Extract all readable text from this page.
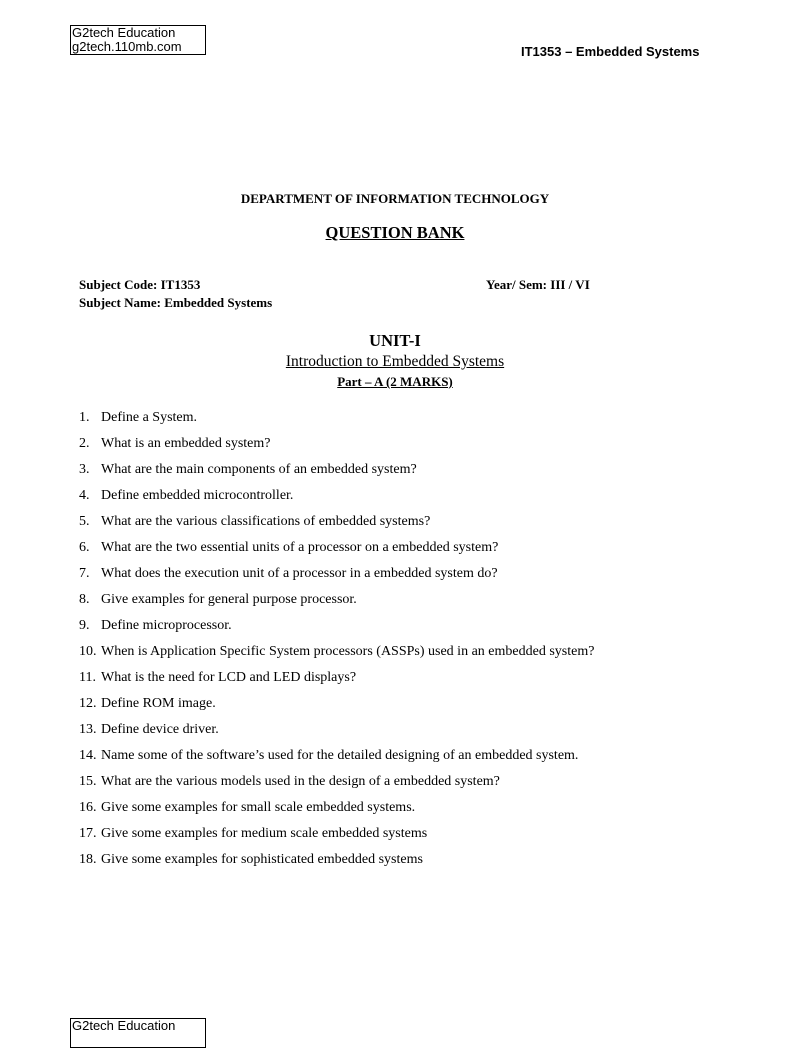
G2tech Education
g2tech.110mb.com	IT1353 – Embedded Systems
DEPARTMENT OF INFORMATION TECHNOLOGY
QUESTION BANK
Subject Code: IT1353	Year/ Sem: III / VI
Subject Name: Embedded Systems
UNIT-I
Introduction to Embedded Systems
Part – A (2 MARKS)
1. Define a System.
2. What is an embedded system?
3. What are the main components of an embedded system?
4. Define embedded microcontroller.
5. What are the various classifications of embedded systems?
6. What are the two essential units of a processor on a embedded system?
7. What does the execution unit of a processor in a embedded system do?
8. Give examples for general purpose processor.
9. Define microprocessor.
10. When is Application Specific System processors (ASSPs) used in an embedded system?
11. What is the need for LCD and LED displays?
12. Define ROM image.
13. Define device driver.
14. Name some of the software’s used for the detailed designing of an embedded system.
15. What are the various models used in the design of a embedded system?
16. Give some examples for small scale embedded systems.
17. Give some examples for medium scale embedded systems
18. Give some examples for sophisticated embedded systems
G2tech Education
